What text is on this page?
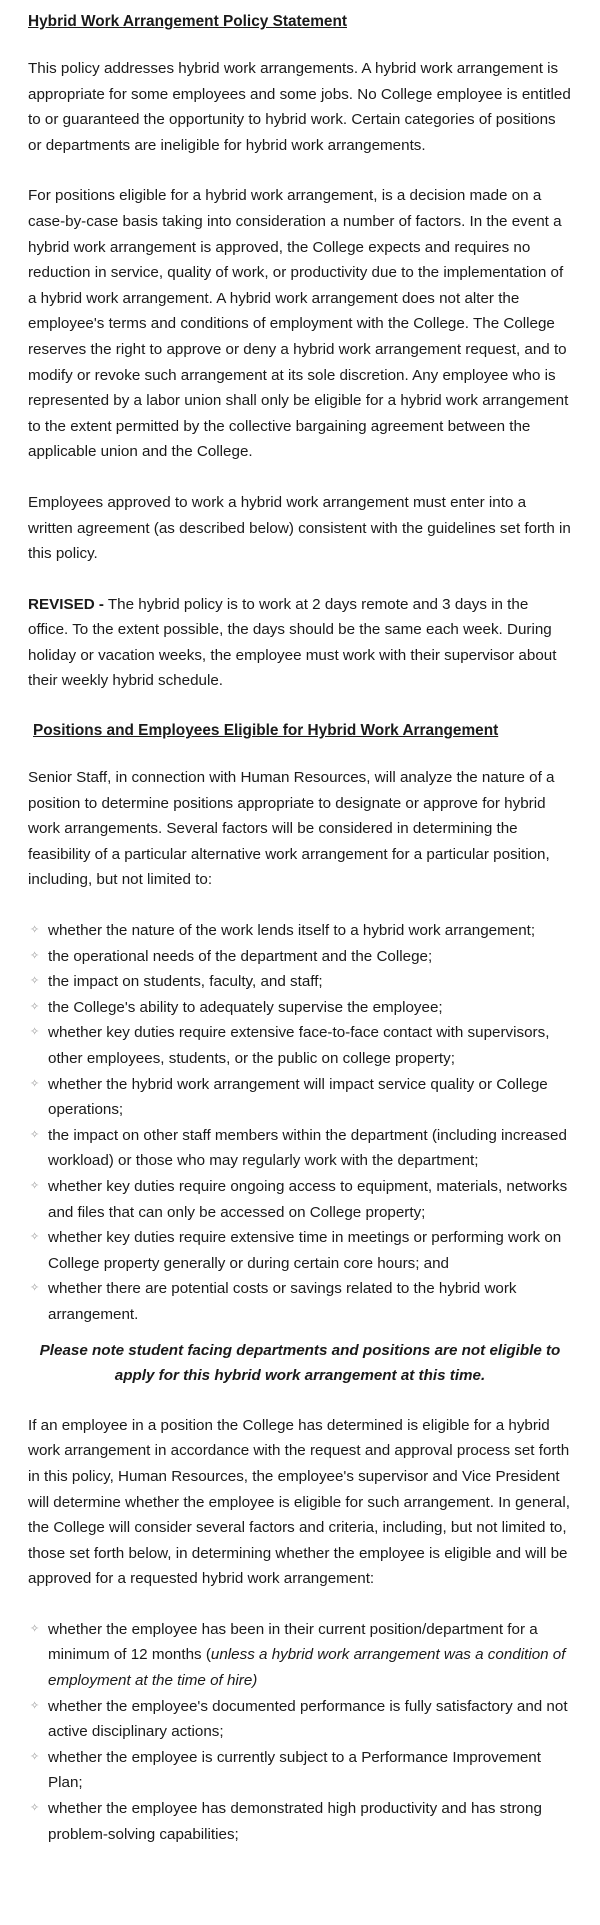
Hybrid Work Arrangement Policy Statement

This policy addresses hybrid work arrangements. A hybrid work arrangement is appropriate for some employees and some jobs. No College employee is entitled to or guaranteed the opportunity to hybrid work. Certain categories of positions or departments are ineligible for hybrid work arrangements.

For positions eligible for a hybrid work arrangement, is a decision made on a case-by-case basis taking into consideration a number of factors. In the event a hybrid work arrangement is approved, the College expects and requires no reduction in service, quality of work, or productivity due to the implementation of a hybrid work arrangement. A hybrid work arrangement does not alter the employee's terms and conditions of employment with the College. The College reserves the right to approve or deny a hybrid work arrangement request, and to modify or revoke such arrangement at its sole discretion. Any employee who is represented by a labor union shall only be eligible for a hybrid work arrangement to the extent permitted by the collective bargaining agreement between the applicable union and the College.

Employees approved to work a hybrid work arrangement must enter into a written agreement (as described below) consistent with the guidelines set forth in this policy.

REVISED - The hybrid policy is to work at 2 days remote and 3 days in the office. To the extent possible, the days should be the same each week. During holiday or vacation weeks, the employee must work with their supervisor about their weekly hybrid schedule.

Positions and Employees Eligible for Hybrid Work Arrangement

Senior Staff, in connection with Human Resources, will analyze the nature of a position to determine positions appropriate to designate or approve for hybrid work arrangements. Several factors will be considered in determining the feasibility of a particular alternative work arrangement for a particular position, including, but not limited to:

✧ whether the nature of the work lends itself to a hybrid work arrangement;
✧ the operational needs of the department and the College;
✧ the impact on students, faculty, and staff;
✧ the College's ability to adequately supervise the employee;
✧ whether key duties require extensive face-to-face contact with supervisors, other employees, students, or the public on college property;
✧ whether the hybrid work arrangement will impact service quality or College operations;
✧ the impact on other staff members within the department (including increased workload) or those who may regularly work with the department;
✧ whether key duties require ongoing access to equipment, materials, networks and files that can only be accessed on College property;
✧ whether key duties require extensive time in meetings or performing work on College property generally or during certain core hours; and
✧ whether there are potential costs or savings related to the hybrid work arrangement.

Please note student facing departments and positions are not eligible to apply for this hybrid work arrangement at this time.

If an employee in a position the College has determined is eligible for a hybrid work arrangement in accordance with the request and approval process set forth in this policy, Human Resources, the employee's supervisor and Vice President will determine whether the employee is eligible for such arrangement. In general, the College will consider several factors and criteria, including, but not limited to, those set forth below, in determining whether the employee is eligible and will be approved for a requested hybrid work arrangement:

✧ whether the employee has been in their current position/department for a minimum of 12 months (unless a hybrid work arrangement was a condition of employment at the time of hire)
✧ whether the employee's documented performance is fully satisfactory and not active disciplinary actions;
✧ whether the employee is currently subject to a Performance Improvement Plan;
✧ whether the employee has demonstrated high productivity and has strong problem-solving capabilities;
